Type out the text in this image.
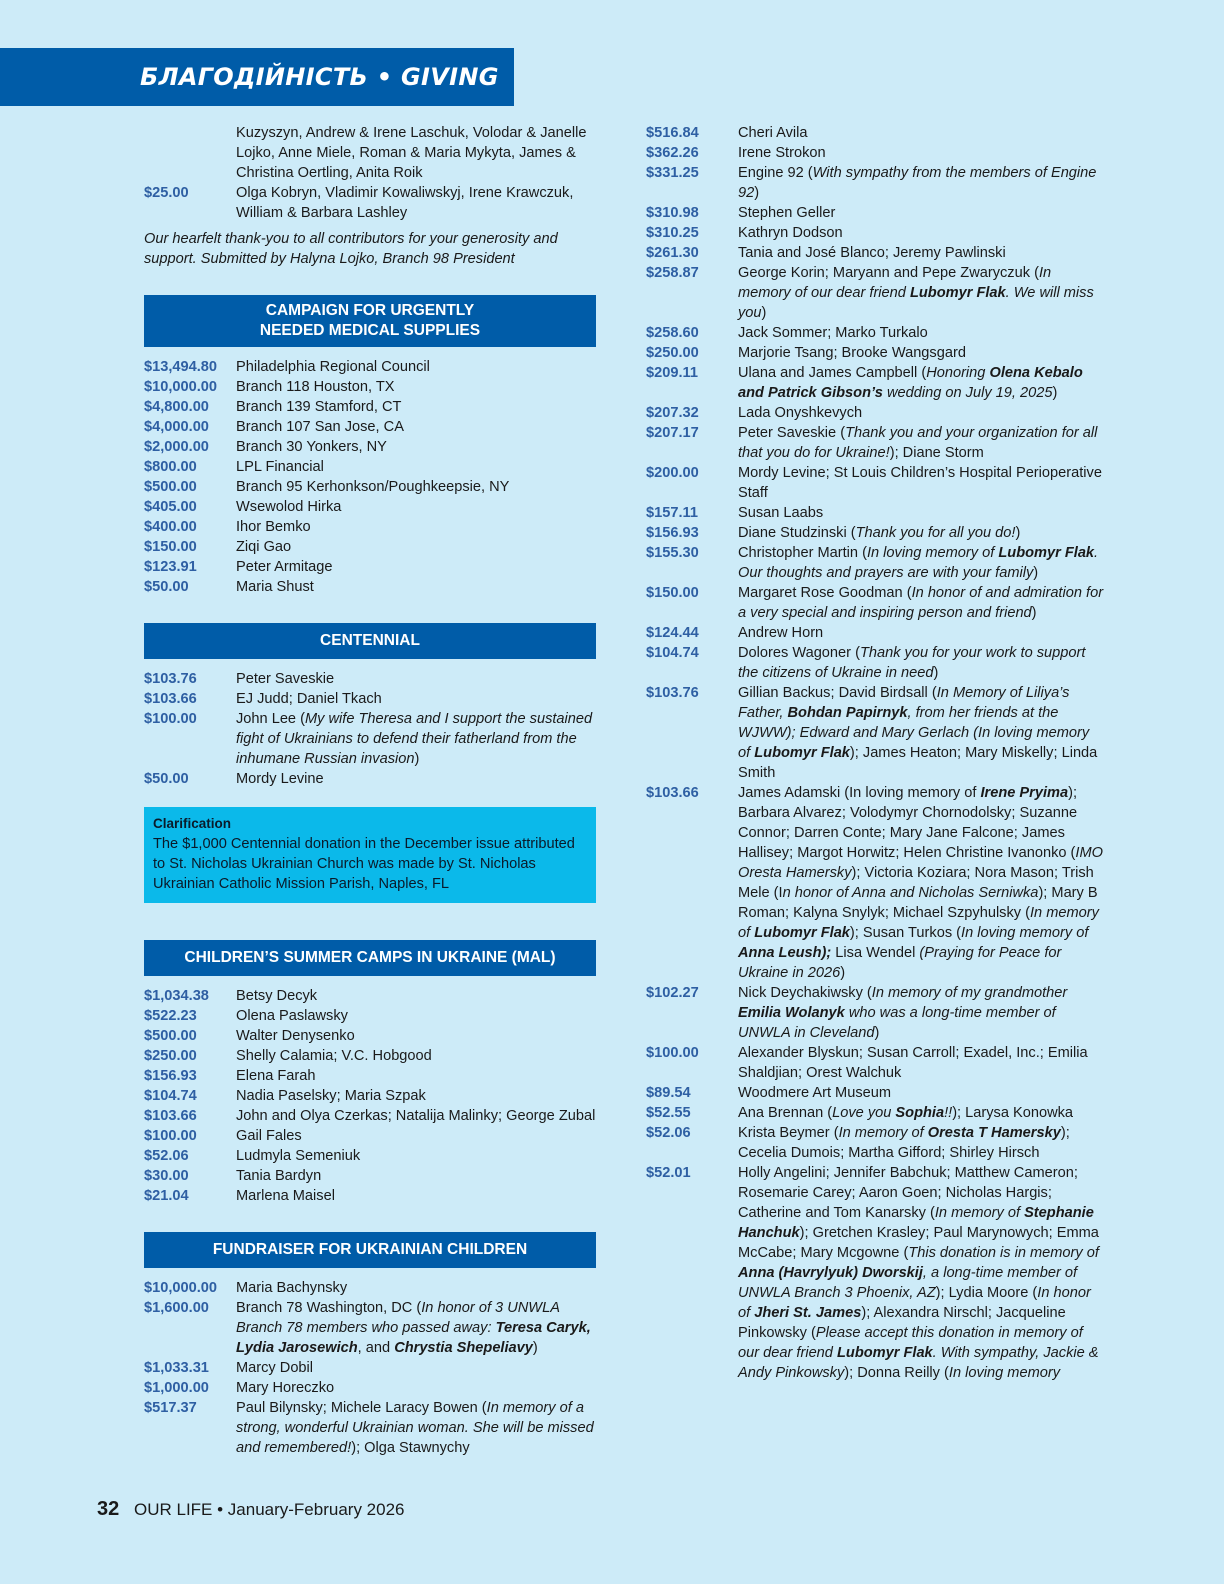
БЛАГОДІЙНІСТЬ • GIVING
Kuzyszyn, Andrew & Irene Laschuk, Volodar & Janelle Lojko, Anne Miele, Roman & Maria Mykyta, James & Christina Oertling, Anita Roik
$25.00	Olga Kobryn, Vladimir Kowaliwskyj, Irene Krawczuk, William & Barbara Lashley
Our hearfelt thank-you to all contributors for your generosity and support. Submitted by Halyna Lojko, Branch 98 President
CAMPAIGN FOR URGENTLY
NEEDED MEDICAL SUPPLIES
$13,494.80	Philadelphia Regional Council
$10,000.00	Branch 118 Houston, TX
$4,800.00	Branch 139 Stamford, CT
$4,000.00	Branch 107 San Jose, CA
$2,000.00	Branch 30 Yonkers, NY
$800.00	LPL Financial
$500.00	Branch 95 Kerhonkson/Poughkeepsie, NY
$405.00	Wsewolod Hirka
$400.00	Ihor Bemko
$150.00	Ziqi Gao
$123.91	Peter Armitage
$50.00	Maria Shust
CENTENNIAL
$103.76	Peter Saveskie
$103.66	EJ Judd; Daniel Tkach
$100.00	John Lee (My wife Theresa and I support the sustained fight of Ukrainians to defend their fatherland from the inhumane Russian invasion)
$50.00	Mordy Levine
Clarification
The $1,000 Centennial donation in the December issue attributed to St. Nicholas Ukrainian Church was made by St. Nicholas Ukrainian Catholic Mission Parish, Naples, FL
CHILDREN’S SUMMER CAMPS IN UKRAINE (MAL)
$1,034.38	Betsy Decyk
$522.23	Olena Paslawsky
$500.00	Walter Denysenko
$250.00	Shelly Calamia; V.C. Hobgood
$156.93	Elena Farah
$104.74	Nadia Paselsky; Maria Szpak
$103.66	John and Olya Czerkas; Natalija Malinky; George Zubal
$100.00	Gail Fales
$52.06	Ludmyla Semeniuk
$30.00	Tania Bardyn
$21.04	Marlena Maisel
FUNDRAISER FOR UKRAINIAN CHILDREN
$10,000.00	Maria Bachynsky
$1,600.00	Branch 78 Washington, DC (In honor of 3 UNWLA Branch 78 members who passed away: Teresa Caryk, Lydia Jarosewich, and Chrystia Shepeliavy)
$1,033.31	Marcy Dobil
$1,000.00	Mary Horeczko
$517.37	Paul Bilynsky; Michele Laracy Bowen (In memory of a strong, wonderful Ukrainian woman. She will be missed and remembered!); Olga Stawnychy
$516.84	Cheri Avila
$362.26	Irene Strokon
$331.25	Engine 92 (With sympathy from the members of Engine 92)
$310.98	Stephen Geller
$310.25	Kathryn Dodson
$261.30	Tania and José Blanco; Jeremy Pawlinski
$258.87	George Korin; Maryann and Pepe Zwaryczuk (In memory of our dear friend Lubomyr Flak. We will miss you)
$258.60	Jack Sommer; Marko Turkalo
$250.00	Marjorie Tsang; Brooke Wangsgard
$209.11	Ulana and James Campbell (Honoring Olena Kebalo and Patrick Gibson’s wedding on July 19, 2025)
$207.32	Lada Onyshkevych
$207.17	Peter Saveskie (Thank you and your organization for all that you do for Ukraine!); Diane Storm
$200.00	Mordy Levine; St Louis Children’s Hospital Perioperative Staff
$157.11	Susan Laabs
$156.93	Diane Studzinski (Thank you for all you do!)
$155.30	Christopher Martin (In loving memory of Lubomyr Flak. Our thoughts and prayers are with your family)
$150.00	Margaret Rose Goodman (In honor of and admiration for a very special and inspiring person and friend)
$124.44	Andrew Horn
$104.74	Dolores Wagoner (Thank you for your work to support the citizens of Ukraine in need)
$103.76	Gillian Backus; David Birdsall (In Memory of Liliya’s Father, Bohdan Papirnyk, from her friends at the WJWW); Edward and Mary Gerlach (In loving memory of Lubomyr Flak); James Heaton; Mary Miskelly; Linda Smith
$103.66	James Adamski (In loving memory of Irene Pryima); Barbara Alvarez; Volodymyr Chornodolsky; Suzanne Connor; Darren Conte; Mary Jane Falcone; James Hallisey; Margot Horwitz; Helen Christine Ivanonko (IMO Oresta Hamersky); Victoria Koziara; Nora Mason; Trish Mele (In honor of Anna and Nicholas Serniwka); Mary B Roman; Kalyna Snylyk; Michael Szpyhulsky (In memory of Lubomyr Flak); Susan Turkos (In loving memory of Anna Leush); Lisa Wendel (Praying for Peace for Ukraine in 2026)
$102.27	Nick Deychakiwsky (In memory of my grandmother Emilia Wolanyk who was a long-time member of UNWLA in Cleveland)
$100.00	Alexander Blyskun; Susan Carroll; Exadel, Inc.; Emilia Shaldjian; Orest Walchuk
$89.54	Woodmere Art Museum
$52.55	Ana Brennan (Love you Sophia!!); Larysa Konowka
$52.06	Krista Beymer (In memory of Oresta T Hamersky); Cecelia Dumois; Martha Gifford; Shirley Hirsch
$52.01	Holly Angelini; Jennifer Babchuk; Matthew Cameron; Rosemarie Carey; Aaron Goen; Nicholas Hargis; Catherine and Tom Kanarsky (In memory of Stephanie Hanchuk); Gretchen Krasley; Paul Marynowych; Emma McCabe; Mary Mcgowne (This donation is in memory of Anna (Havrylyuk) Dworskij, a long-time member of UNWLA Branch 3 Phoenix, AZ); Lydia Moore (In honor of Jheri St. James); Alexandra Nirschl; Jacqueline Pinkowsky (Please accept this donation in memory of our dear friend Lubomyr Flak. With sympathy, Jackie & Andy Pinkowsky); Donna Reilly (In loving memory
32 OUR LIFE • January-February 2026
